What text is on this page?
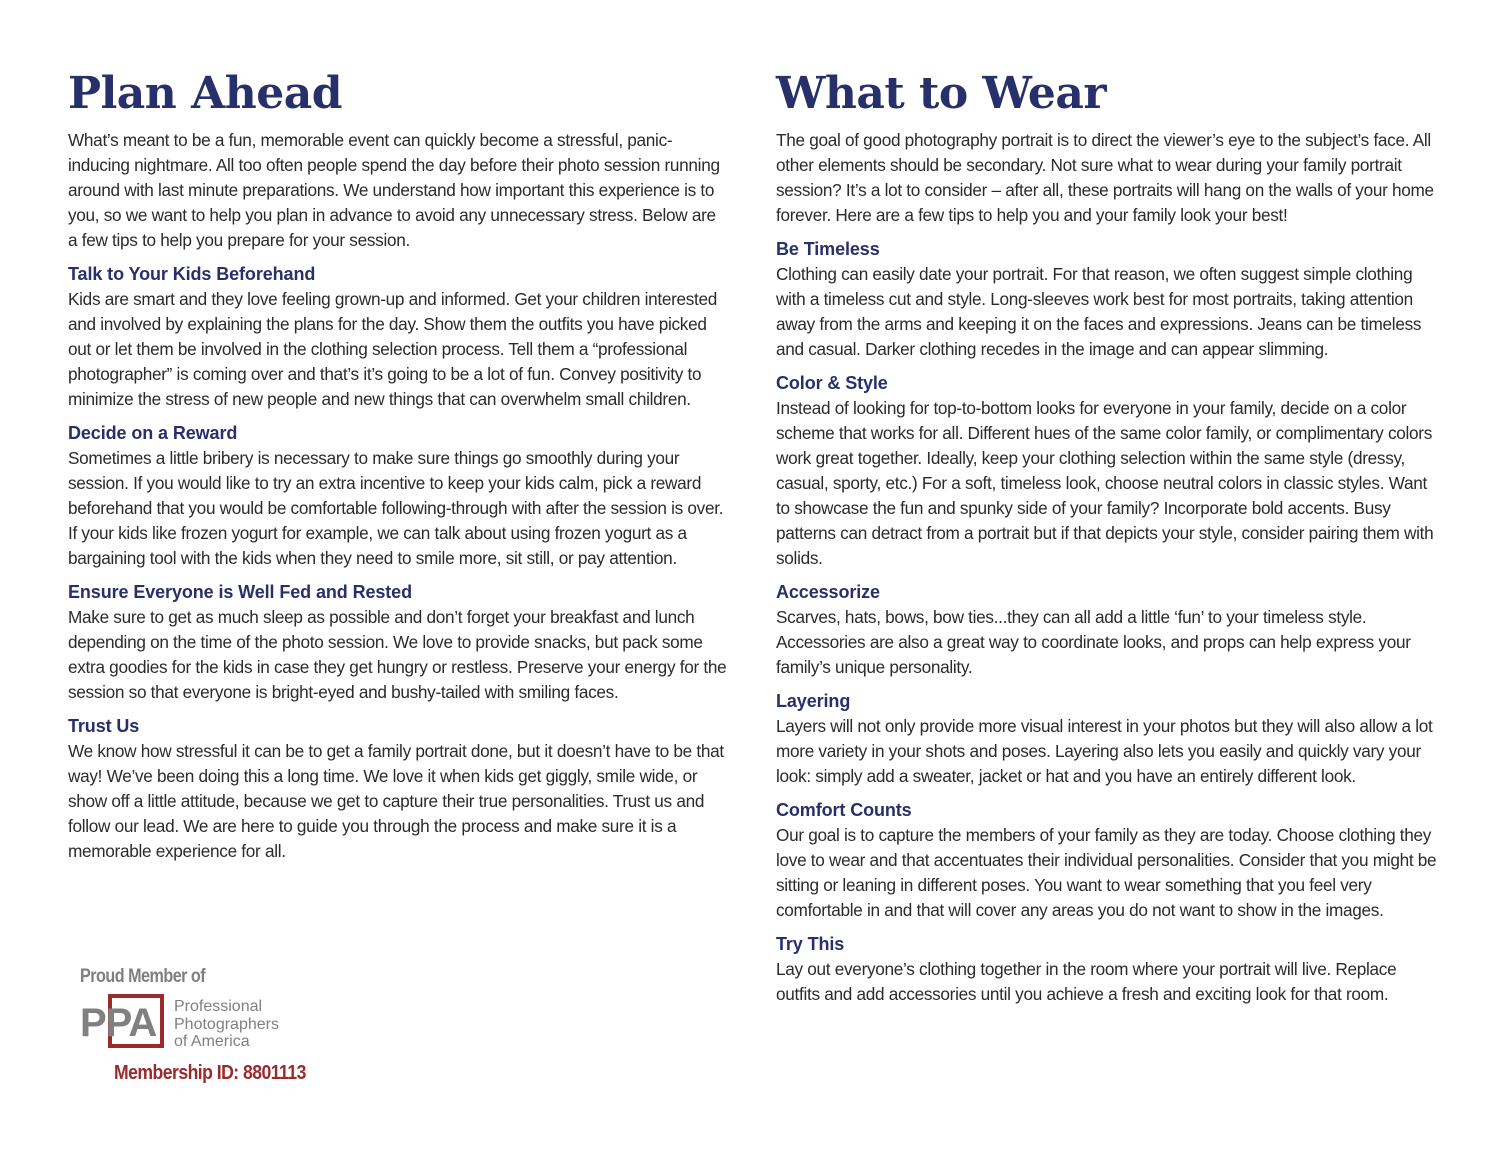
Plan Ahead

What’s meant to be a fun, memorable event can quickly become a stressful, panic-inducing nightmare. All too often people spend the day before their photo session running around with last minute preparations. We understand how important this experience is to you, so we want to help you plan in advance to avoid any unnecessary stress. Below are a few tips to help you prepare for your session.

Talk to Your Kids Beforehand

Kids are smart and they love feeling grown-up and informed. Get your children interested and involved by explaining the plans for the day. Show them the outfits you have picked out or let them be involved in the clothing selection process. Tell them a “professional photographer” is coming over and that’s it’s going to be a lot of fun. Convey positivity to minimize the stress of new people and new things that can overwhelm small children.

Decide on a Reward

Sometimes a little bribery is necessary to make sure things go smoothly during your session. If you would like to try an extra incentive to keep your kids calm, pick a reward beforehand that you would be comfortable following-through with after the session is over. If your kids like frozen yogurt for example, we can talk about using frozen yogurt as a bargaining tool with the kids when they need to smile more, sit still, or pay attention.

Ensure Everyone is Well Fed and Rested

Make sure to get as much sleep as possible and don’t forget your breakfast and lunch depending on the time of the photo session. We love to provide snacks, but pack some extra goodies for the kids in case they get hungry or restless. Preserve your energy for the session so that everyone is bright-eyed and bushy-tailed with smiling faces.

Trust Us

We know how stressful it can be to get a family portrait done, but it doesn’t have to be that way! We’ve been doing this a long time. We love it when kids get giggly, smile wide, or show off a little attitude, because we get to capture their true personalities. Trust us and follow our lead. We are here to guide you through the process and make sure it is a memorable experience for all.

What to Wear

The goal of good photography portrait is to direct the viewer’s eye to the subject’s face. All other elements should be secondary. Not sure what to wear during your family portrait session? It’s a lot to consider – after all, these portraits will hang on the walls of your home forever. Here are a few tips to help you and your family look your best!

Be Timeless

Clothing can easily date your portrait. For that reason, we often suggest simple clothing with a timeless cut and style. Long-sleeves work best for most portraits, taking attention away from the arms and keeping it on the faces and expressions. Jeans can be timeless and casual. Darker clothing recedes in the image and can appear slimming.

Color & Style

Instead of looking for top-to-bottom looks for everyone in your family, decide on a color scheme that works for all. Different hues of the same color family, or complimentary colors work great together. Ideally, keep your clothing selection within the same style (dressy, casual, sporty, etc.) For a soft, timeless look, choose neutral colors in classic styles. Want to showcase the fun and spunky side of your family? Incorporate bold accents. Busy patterns can detract from a portrait but if that depicts your style, consider pairing them with solids.

Accessorize

Scarves, hats, bows, bow ties...they can all add a little ‘fun’ to your timeless style. Accessories are also a great way to coordinate looks, and props can help express your family’s unique personality.

Layering

Layers will not only provide more visual interest in your photos but they will also allow a lot more variety in your shots and poses. Layering also lets you easily and quickly vary your look: simply add a sweater, jacket or hat and you have an entirely different look.

Comfort Counts

Our goal is to capture the members of your family as they are today. Choose clothing they love to wear and that accentuates their individual personalities. Consider that you might be sitting or leaning in different poses. You want to wear something that you feel very comfortable in and that will cover any areas you do not want to show in the images.

Try This

Lay out everyone’s clothing together in the room where your portrait will live. Replace outfits and add accessories until you achieve a fresh and exciting look for that room.

Proud Member of
PPA Professional
Photographers
of America
Membership ID: 8801113
